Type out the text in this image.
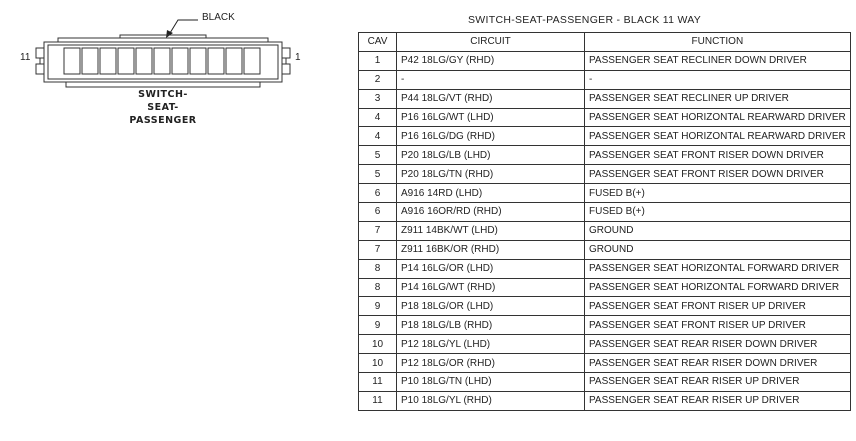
BLACK
11	1
SWITCH-
SEAT-
PASSENGER
SWITCH-SEAT-PASSENGER - BLACK 11 WAY
CAV	CIRCUIT	FUNCTION
1	P42 18LG/GY (RHD)	PASSENGER SEAT RECLINER DOWN DRIVER
2	-	-
3	P44 18LG/VT (RHD)	PASSENGER SEAT RECLINER UP DRIVER
4	P16 16LG/WT (LHD)	PASSENGER SEAT HORIZONTAL REARWARD DRIVER
4	P16 16LG/DG (RHD)	PASSENGER SEAT HORIZONTAL REARWARD DRIVER
5	P20 18LG/LB (LHD)	PASSENGER SEAT FRONT RISER DOWN DRIVER
5	P20 18LG/TN (RHD)	PASSENGER SEAT FRONT RISER DOWN DRIVER
6	A916 14RD (LHD)	FUSED B(+)
6	A916 16OR/RD (RHD)	FUSED B(+)
7	Z911 14BK/WT (LHD)	GROUND
7	Z911 16BK/OR (RHD)	GROUND
8	P14 16LG/OR (LHD)	PASSENGER SEAT HORIZONTAL FORWARD DRIVER
8	P14 16LG/WT (RHD)	PASSENGER SEAT HORIZONTAL FORWARD DRIVER
9	P18 18LG/OR (LHD)	PASSENGER SEAT FRONT RISER UP DRIVER
9	P18 18LG/LB (RHD)	PASSENGER SEAT FRONT RISER UP DRIVER
10	P12 18LG/YL (LHD)	PASSENGER SEAT REAR RISER DOWN DRIVER
10	P12 18LG/OR (RHD)	PASSENGER SEAT REAR RISER DOWN DRIVER
11	P10 18LG/TN (LHD)	PASSENGER SEAT REAR RISER UP DRIVER
11	P10 18LG/YL (RHD)	PASSENGER SEAT REAR RISER UP DRIVER
